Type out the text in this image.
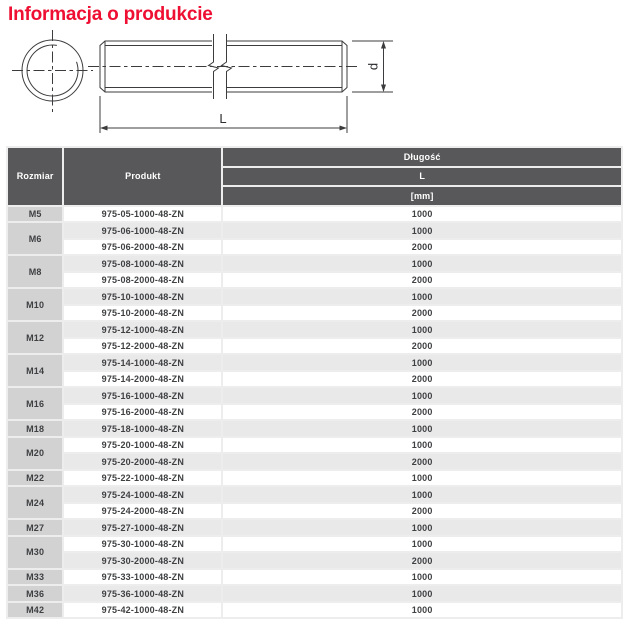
Informacja o produkcie
d
L
Rozmiar	Produkt	Długość
		L
		[mm]
M5	975-05-1000-48-ZN	1000
M6	975-06-1000-48-ZN	1000
	975-06-2000-48-ZN	2000
M8	975-08-1000-48-ZN	1000
	975-08-2000-48-ZN	2000
M10	975-10-1000-48-ZN	1000
	975-10-2000-48-ZN	2000
M12	975-12-1000-48-ZN	1000
	975-12-2000-48-ZN	2000
M14	975-14-1000-48-ZN	1000
	975-14-2000-48-ZN	2000
M16	975-16-1000-48-ZN	1000
	975-16-2000-48-ZN	2000
M18	975-18-1000-48-ZN	1000
M20	975-20-1000-48-ZN	1000
	975-20-2000-48-ZN	2000
M22	975-22-1000-48-ZN	1000
M24	975-24-1000-48-ZN	1000
	975-24-2000-48-ZN	2000
M27	975-27-1000-48-ZN	1000
M30	975-30-1000-48-ZN	1000
	975-30-2000-48-ZN	2000
M33	975-33-1000-48-ZN	1000
M36	975-36-1000-48-ZN	1000
M42	975-42-1000-48-ZN	1000
